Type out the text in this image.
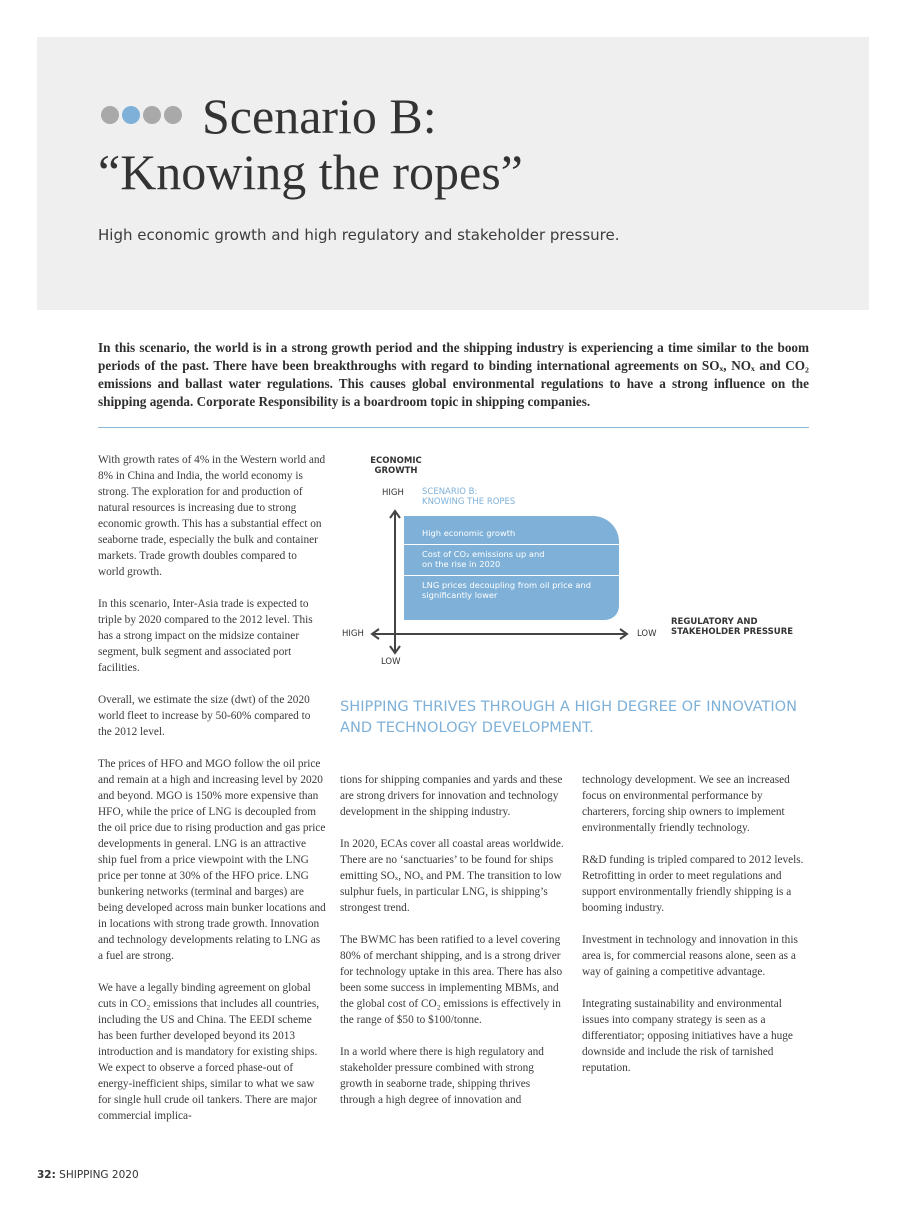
Scenario B:
“Knowing the ropes”
High economic growth and high regulatory and stakeholder pressure.

In this scenario, the world is in a strong growth period and the shipping industry is experiencing a time similar to the boom periods of the past. There have been breakthroughs with regard to binding international agreements on SOₓ, NOₓ and CO₂ emissions and ballast water regulations. This causes global environmental regulations to have a strong influence on the shipping agenda. Corporate Responsibility is a boardroom topic in shipping companies.

With growth rates of 4% in the Western world and 8% in China and India, the world economy is strong. The exploration for and production of natural resources is increasing due to strong economic growth. This has a substantial effect on seaborne trade, especially the bulk and container markets. Trade growth doubles compared to world growth.

In this scenario, Inter-Asia trade is expected to triple by 2020 compared to the 2012 level. This has a strong impact on the midsize container segment, bulk segment and associated port facilities.

Overall, we estimate the size (dwt) of the 2020 world fleet to increase by 50-60% compared to the 2012 level.

ECONOMIC
GROWTH
HIGH
LOW
HIGH	LOW
REGULATORY AND
STAKEHOLDER PRESSURE
SCENARIO B:
KNOWING THE ROPES
High economic growth
Cost of CO₂ emissions up and
on the rise in 2020
LNG prices decoupling from oil price and
significantly lower

SHIPPING THRIVES THROUGH A HIGH DEGREE OF INNOVATION AND TECHNOLOGY DEVELOPMENT.

The prices of HFO and MGO follow the oil price and remain at a high and increasing level by 2020 and beyond. MGO is 150% more expensive than HFO, while the price of LNG is decoupled from the oil price due to rising production and gas price developments in general. LNG is an attractive ship fuel from a price viewpoint with the LNG price per tonne at 30% of the HFO price. LNG bunkering networks (terminal and barges) are being developed across main bunker locations and in locations with strong trade growth. Innovation and technology developments relating to LNG as a fuel are strong.

We have a legally binding agreement on global cuts in CO₂ emissions that includes all countries, including the US and China. The EEDI scheme has been further developed beyond its 2013 introduction and is mandatory for existing ships. We expect to observe a forced phase-out of energy-inefficient ships, similar to what we saw for single hull crude oil tankers. There are major commercial implica-

tions for shipping companies and yards and these are strong drivers for innovation and technology development in the shipping industry.

In 2020, ECAs cover all coastal areas worldwide. There are no ‘sanctuaries’ to be found for ships emitting SOₓ, NOₓ and PM. The transition to low sulphur fuels, in particular LNG, is shipping’s strongest trend.

The BWMC has been ratified to a level covering 80% of merchant shipping, and is a strong driver for technology uptake in this area. There has also been some success in implementing MBMs, and the global cost of CO₂ emissions is effectively in the range of $50 to $100/tonne.

In a world where there is high regulatory and stakeholder pressure combined with strong growth in seaborne trade, shipping thrives through a high degree of innovation and

technology development. We see an increased focus on environmental performance by charterers, forcing ship owners to implement environmentally friendly technology.

R&D funding is tripled compared to 2012 levels. Retrofitting in order to meet regulations and support environmentally friendly shipping is a booming industry.

Investment in technology and innovation in this area is, for commercial reasons alone, seen as a way of gaining a competitive advantage.

Integrating sustainability and environmental issues into company strategy is seen as a differentiator; opposing initiatives have a huge downside and include the risk of tarnished reputation.

32: SHIPPING 2020
